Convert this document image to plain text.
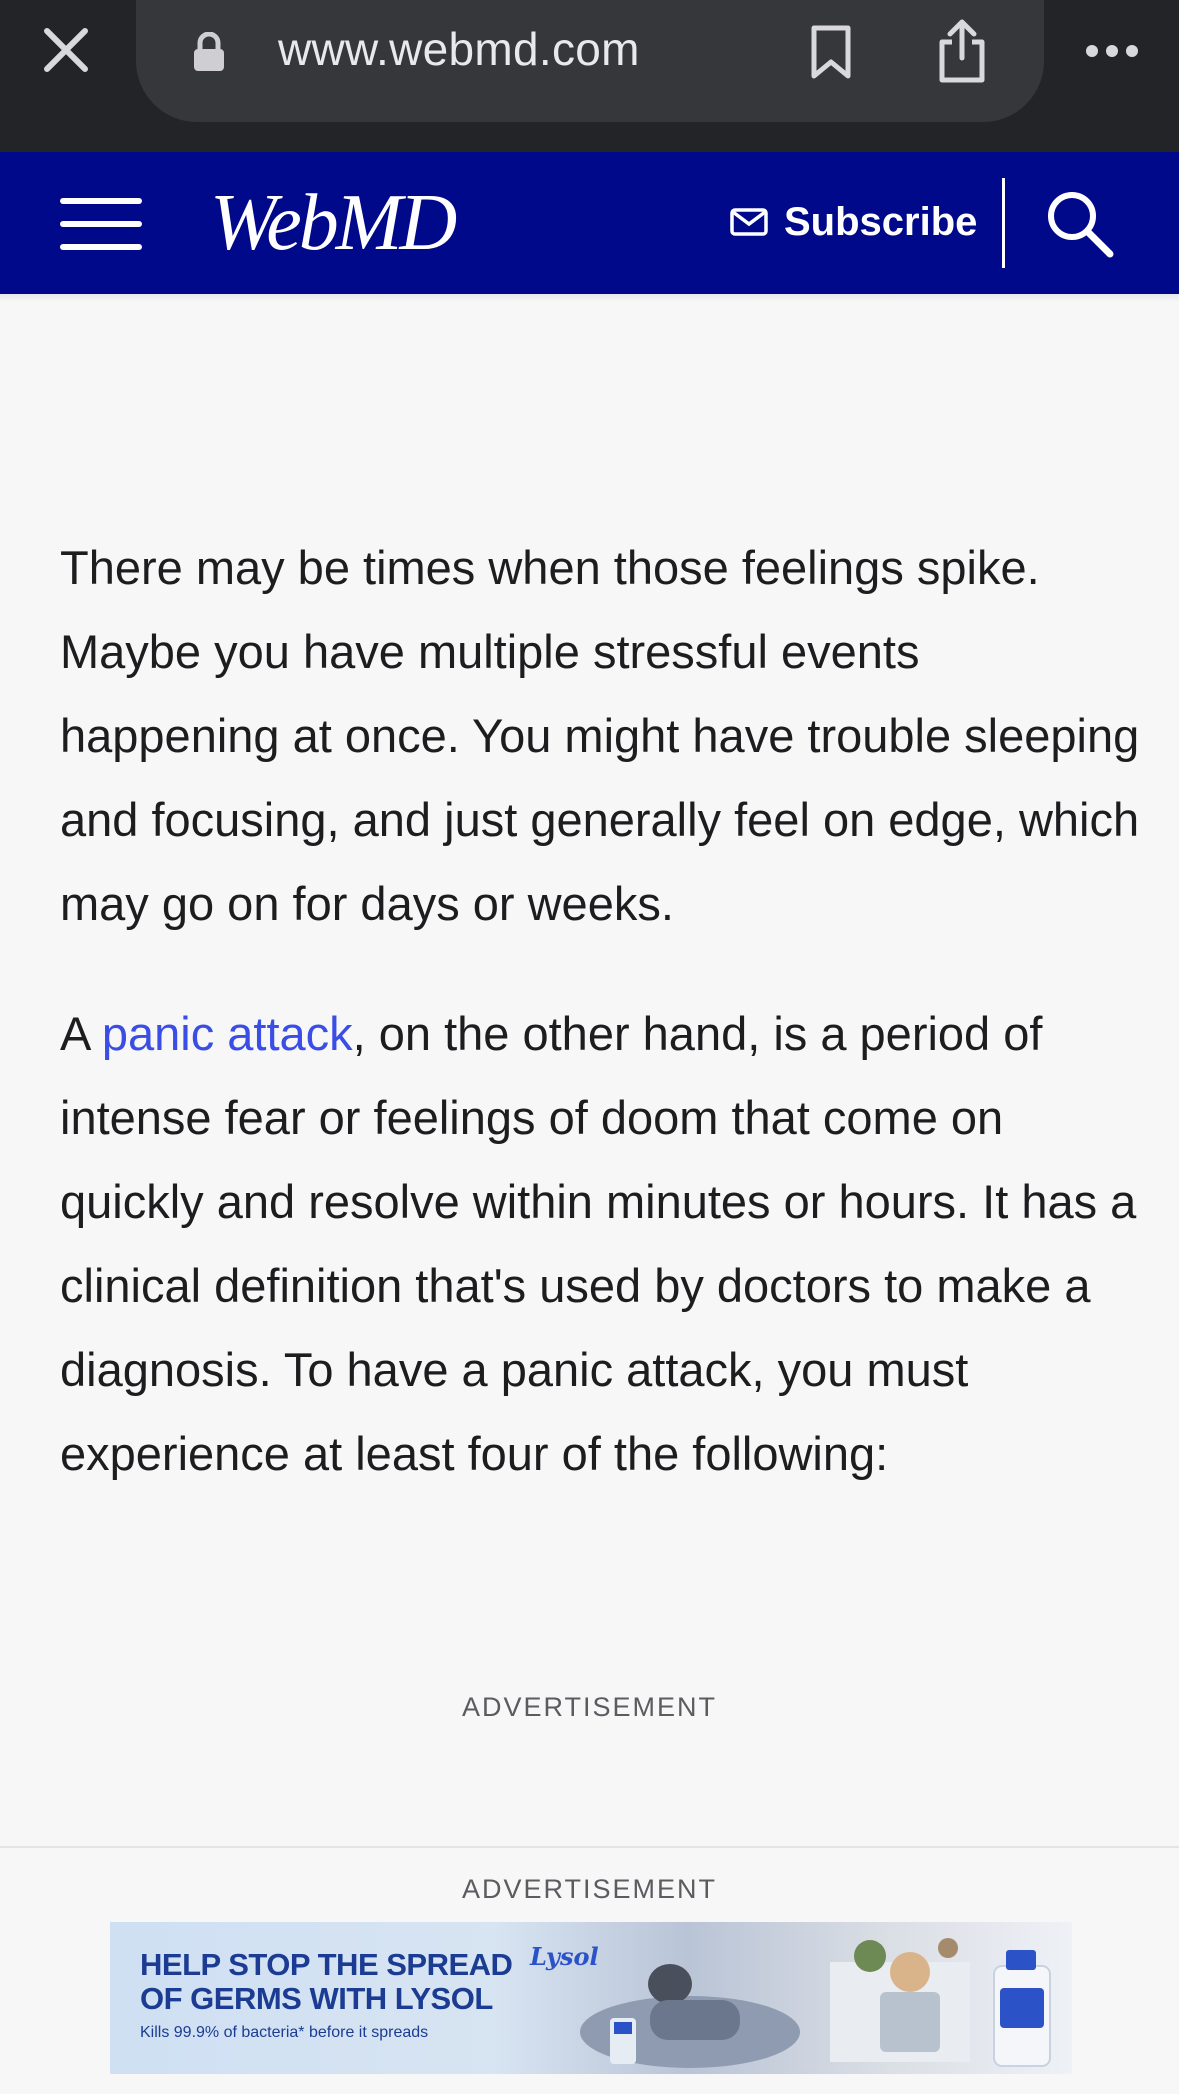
www.webmd.com
WebMD	Subscribe

There may be times when those feelings spike. Maybe you have multiple stressful events happening at once. You might have trouble sleeping and focusing, and just generally feel on edge, which may go on for days or weeks.

A panic attack, on the other hand, is a period of intense fear or feelings of doom that come on quickly and resolve within minutes or hours. It has a clinical definition that's used by doctors to make a diagnosis. To have a panic attack, you must experience at least four of the following:

ADVERTISEMENT
ADVERTISEMENT
HELP STOP THE SPREAD
OF GERMS WITH LYSOL
Kills 99.9% of bacteria* before it spreads
Lysol
